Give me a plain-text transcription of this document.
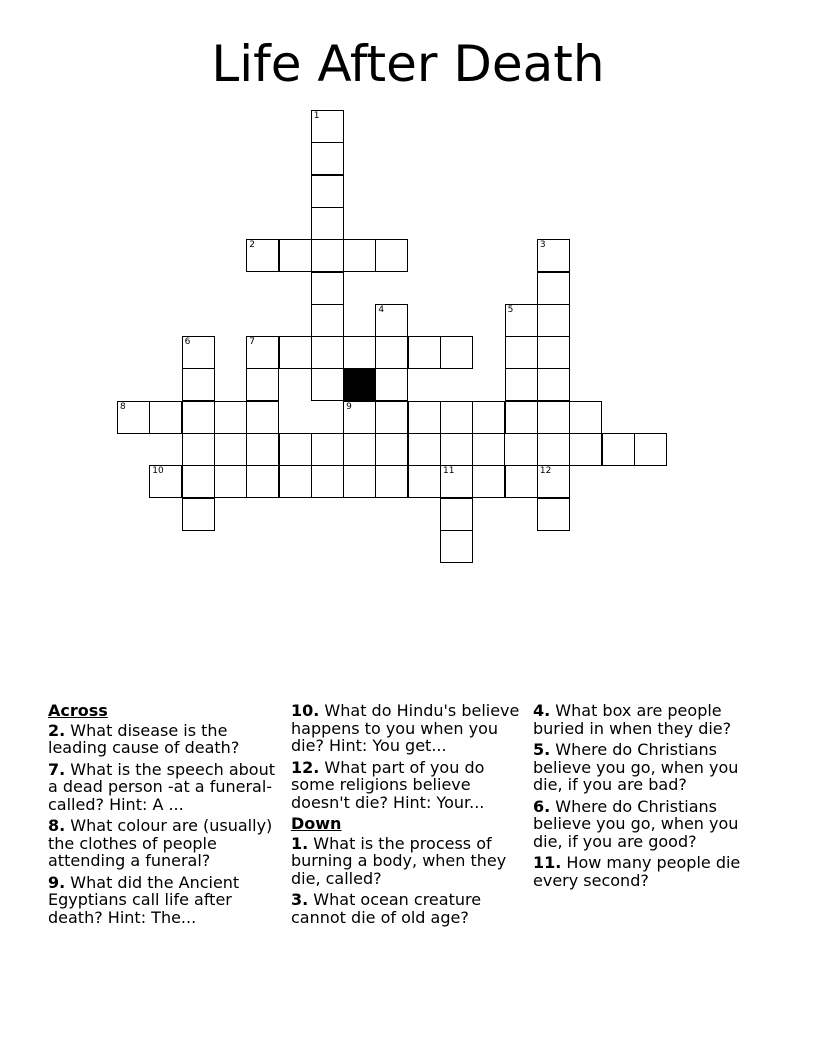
Life After Death
1
2	3
4	5
6	7
8	9
10	11	12
Across
2. What disease is the leading cause of death?
7. What is the speech about a dead person -at a funeral- called? Hint: A ...
8. What colour are (usually) the clothes of people attending a funeral?
9. What did the Ancient Egyptians call life after death? Hint: The...
10. What do Hindu's believe happens to you when you die? Hint: You get...
12. What part of you do some religions believe doesn't die? Hint: Your...
Down
1. What is the process of burning a body, when they die, called?
3. What ocean creature cannot die of old age?
4. What box are people buried in when they die?
5. Where do Christians believe you go, when you die, if you are bad?
6. Where do Christians believe you go, when you die, if you are good?
11. How many people die every second?
